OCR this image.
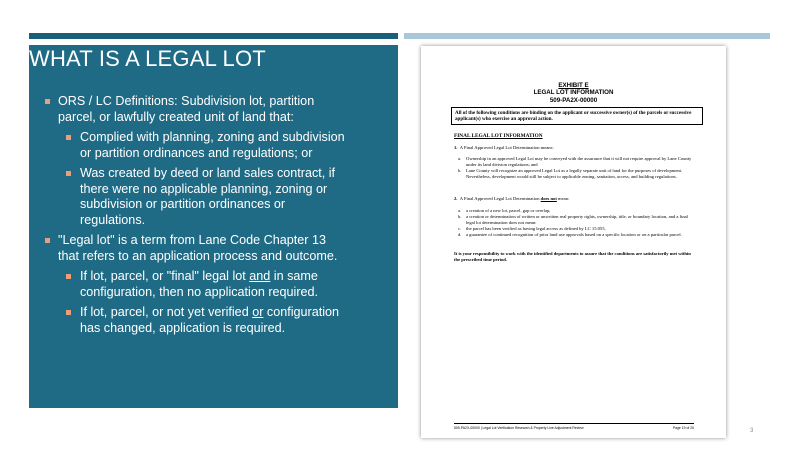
WHAT IS A LEGAL LOT
ORS / LC Definitions: Subdivision lot, partition parcel, or lawfully created unit of land that:
Complied with planning, zoning and subdivision or partition ordinances and regulations; or
Was created by deed or land sales contract, if there were no applicable planning, zoning or subdivision or partition ordinances or regulations.
"Legal lot" is a term from Lane Code Chapter 13 that refers to an application process and outcome.
If lot, parcel, or "final" legal lot and in same configuration, then no application required.
If lot, parcel, or not yet verified or configuration has changed, application is required.
EXHIBIT E
LEGAL LOT INFORMATION
509-PA2X-00000
All of the following conditions are binding on the applicant or successive owner(s) of the parcels or successive applicant(s) who exercise an approval action.
FINAL LEGAL LOT INFORMATION
1. A Final Approved Legal Lot Determination means:
a. Ownership in an approved Legal Lot may be conveyed with the assurance that it will not require approval by Lane County under its land division regulations; and
b. Lane County will recognize an approved Legal Lot as a legally separate unit of land for the purposes of development. Nevertheless, development would still be subject to applicable zoning, sanitation, access, and building regulations.
2. A Final Approved Legal Lot Determination does not mean:
a. a creation of a new lot, parcel, gap or overlap,
b. a creation or determination of written or unwritten real property rights, ownership, title, or boundary location, and a final legal lot determination does not mean:
c. the parcel has been verified as having legal access as defined by LC 15.055,
d. a guarantee of continued recognition of prior land use approvals based on a specific location or on a particular parcel.
It is your responsibility to work with the identified departments to assure that the conditions are satisfactorily met within the prescribed time period.
509-PA2X-00000 | Legal Lot Verification Research & Property Line Adjustment Review	Page 19 of 20	3
